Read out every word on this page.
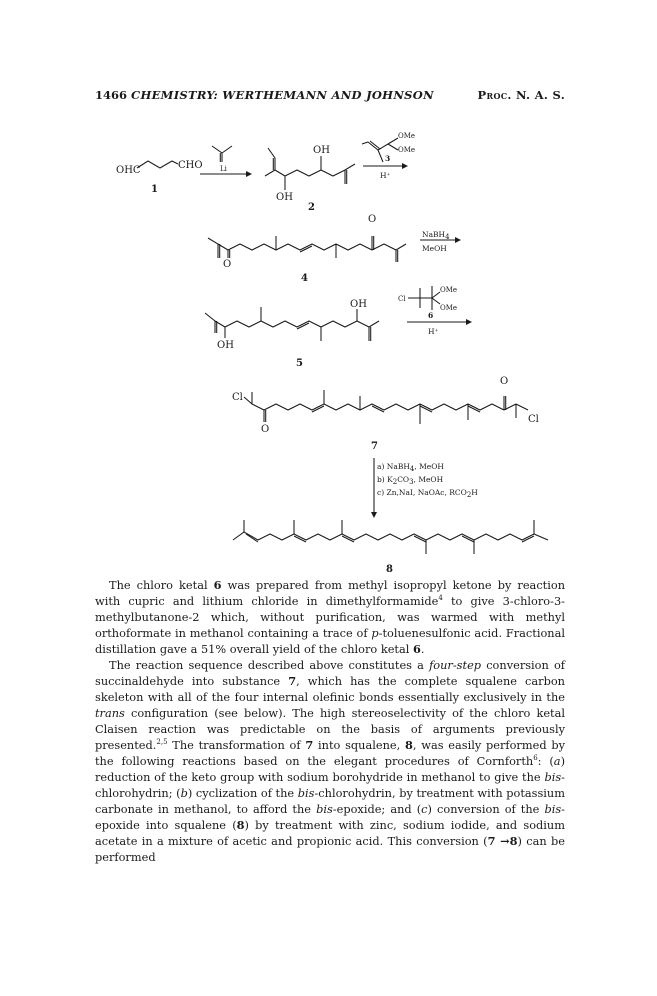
1466 CHEMISTRY: WERTHEMANN AND JOHNSON	Proc. N. A. S.
OHC	CHO
1
Li
OH
OH
2
OMe
OMe
3
H⁺
O
O
4
NaBH4
MeOH
OH
OH
5
Cl
OMe
OMe
6
H⁺
Cl
O
O
Cl
7
a) NaBH4, MeOH
b) K2CO3, MeOH
c) Zn,NaI, NaOAc, RCO2H
8

The chloro ketal 6 was prepared from methyl isopropyl ketone by reaction with cupric and lithium chloride in dimethylformamide$^4$ to give 3-chloro-3-methylbutanone-2 which, without purification, was warmed with methyl orthoformate in methanol containing a trace of p-toluenesulfonic acid. Fractional distillation gave a 51% overall yield of the chloro ketal 6.

The reaction sequence described above constitutes a four-step conversion of succinaldehyde into substance 7, which has the complete squalene carbon skeleton with all of the four internal olefinic bonds essentially exclusively in the trans configuration (see below). The high stereoselectivity of the chloro ketal Claisen reaction was predictable on the basis of arguments previously presented.$^{2,5}$ The transformation of 7 into squalene, 8, was easily performed by the following reactions based on the elegant procedures of Cornforth$^6$: (a) reduction of the keto group with sodium borohydride in methanol to give the bis-chlorohydrin; (b) cyclization of the bis-chlorohydrin, by treatment with potassium carbonate in methanol, to afford the bis-epoxide; and (c) conversion of the bis-epoxide into squalene (8) by treatment with zinc, sodium iodide, and sodium acetate in a mixture of acetic and propionic acid. This conversion (7 →8) can be performed
